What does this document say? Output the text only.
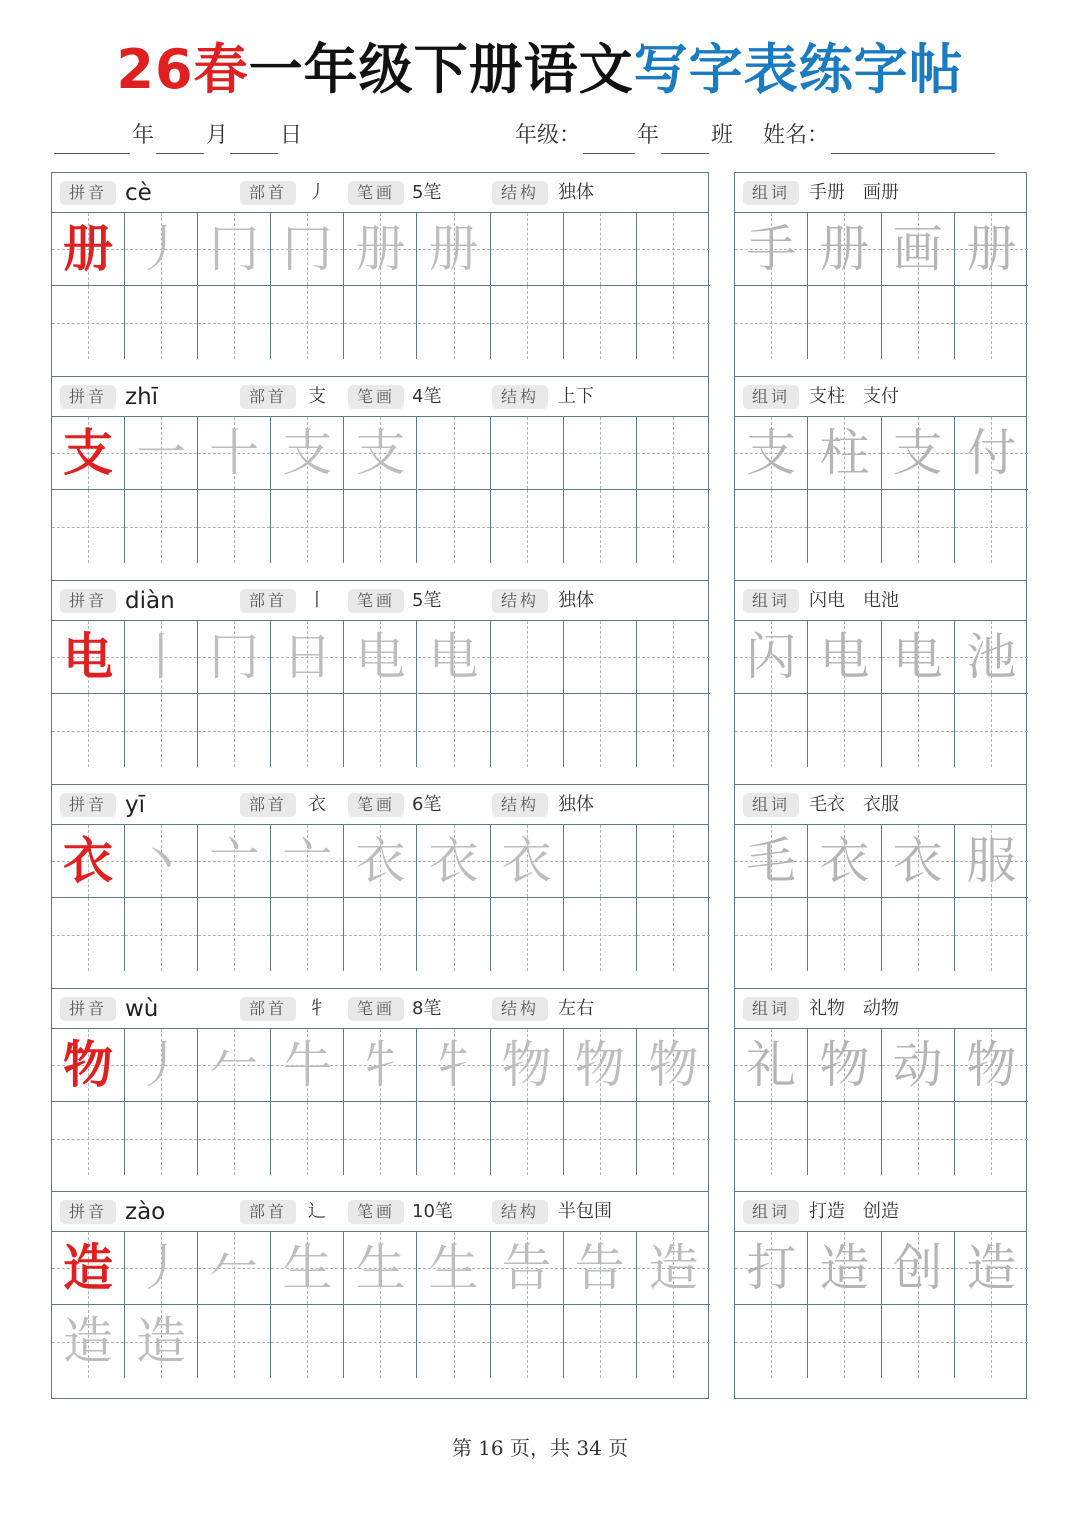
26春一年级下册语文写字表练字帖
年 月 日	年级：	年 班 姓名：
拼音 cè	部首	丿	笔画 5笔	结构	独体
册 丿 冂 冂 册 册
组词	手册　画册
手 册 画 册
拼音 zhī	部首	支	笔画 4笔	结构	上下
支 一 十 支 支
组词	支柱　支付
支 柱 支 付
拼音 diàn	部首	丨	笔画 5笔	结构	独体
电 丨 冂 日 电 电
组词	闪电　电池
闪 电 电 池
拼音 yī	部首	衣	笔画 6笔	结构	独体
衣 丶 亠 亠 衣 衣 衣
组词	毛衣　衣服
毛 衣 衣 服
拼音 wù	部首	牜	笔画 8笔	结构	左右
物 丿 𠂉 牛 牜 牜 物 物 物
组词	礼物　动物
礼 物 动 物
拼音 zào	部首	辶	笔画 10笔	结构	半包围
造 丿 𠂉 生 生 生 告 告 造
造 造
组词	打造　创造
打 造 创 造
第 16 页，共 34 页
